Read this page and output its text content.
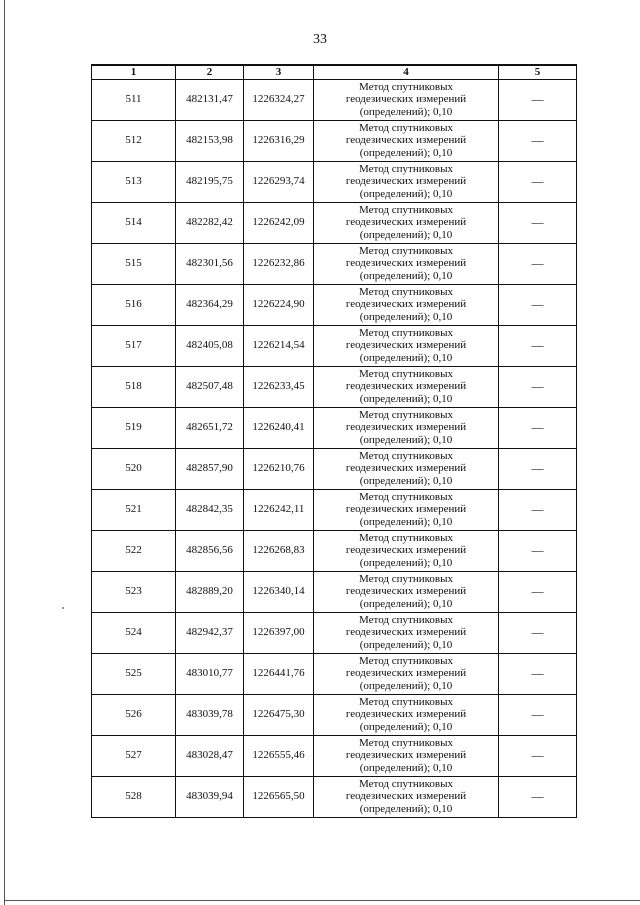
33
1	2	3	4	5
511	482131,47	1226324,27	Метод спутниковых
геодезических измерений
(определений); 0,10	—
512	482153,98	1226316,29	Метод спутниковых
геодезических измерений
(определений); 0,10	—
513	482195,75	1226293,74	Метод спутниковых
геодезических измерений
(определений); 0,10	—
514	482282,42	1226242,09	Метод спутниковых
геодезических измерений
(определений); 0,10	—
515	482301,56	1226232,86	Метод спутниковых
геодезических измерений
(определений); 0,10	—
516	482364,29	1226224,90	Метод спутниковых
геодезических измерений
(определений); 0,10	—
517	482405,08	1226214,54	Метод спутниковых
геодезических измерений
(определений); 0,10	—
518	482507,48	1226233,45	Метод спутниковых
геодезических измерений
(определений); 0,10	—
519	482651,72	1226240,41	Метод спутниковых
геодезических измерений
(определений); 0,10	—
520	482857,90	1226210,76	Метод спутниковых
геодезических измерений
(определений); 0,10	—
521	482842,35	1226242,11	Метод спутниковых
геодезических измерений
(определений); 0,10	—
522	482856,56	1226268,83	Метод спутниковых
геодезических измерений
(определений); 0,10	—
523	482889,20	1226340,14	Метод спутниковых
геодезических измерений
(определений); 0,10	—
524	482942,37	1226397,00	Метод спутниковых
геодезических измерений
(определений); 0,10	—
525	483010,77	1226441,76	Метод спутниковых
геодезических измерений
(определений); 0,10	—
526	483039,78	1226475,30	Метод спутниковых
геодезических измерений
(определений); 0,10	—
527	483028,47	1226555,46	Метод спутниковых
геодезических измерений
(определений); 0,10	—
528	483039,94	1226565,50	Метод спутниковых
геодезических измерений
(определений); 0,10	—
